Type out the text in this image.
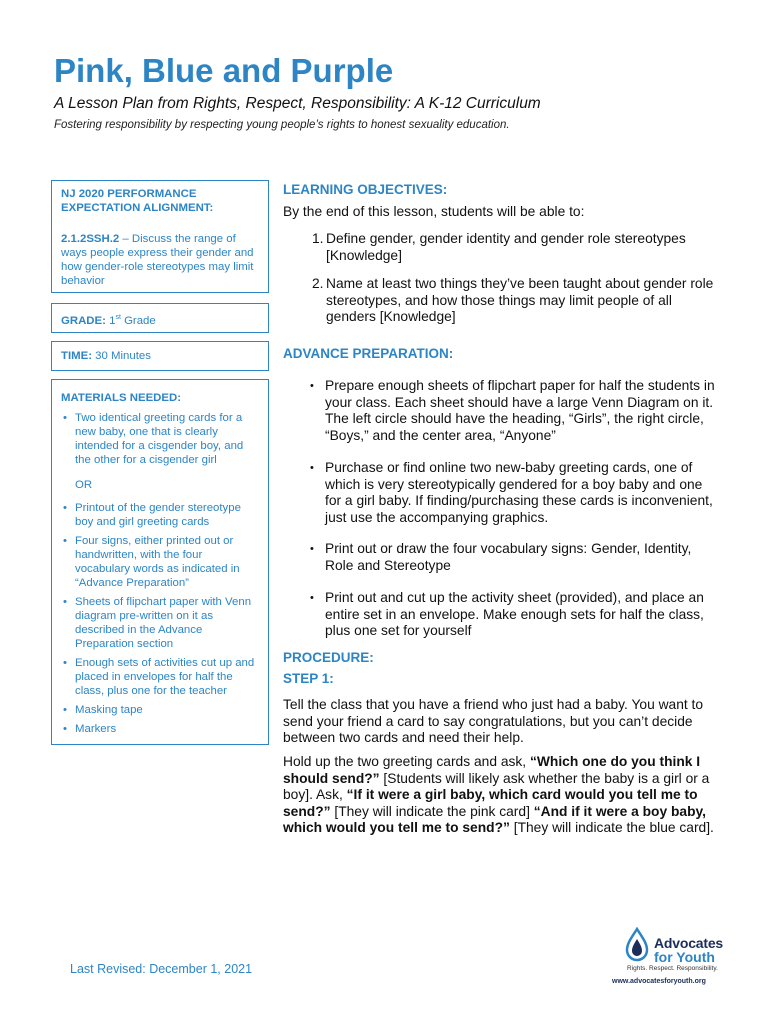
Pink, Blue and Purple
A Lesson Plan from Rights, Respect, Responsibility: A K-12 Curriculum
Fostering responsibility by respecting young people’s rights to honest sexuality education.
NJ 2020 PERFORMANCE EXPECTATION ALIGNMENT:
2.1.2SSH.2 – Discuss the range of ways people express their gender and how gender-role stereotypes may limit behavior
GRADE: 1st Grade
TIME: 30 Minutes
MATERIALS NEEDED:
• Two identical greeting cards for a new baby, one that is clearly intended for a cisgender boy, and the other for a cisgender girl
OR
• Printout of the gender stereotype boy and girl greeting cards
• Four signs, either printed out or handwritten, with the four vocabulary words as indicated in “Advance Preparation”
• Sheets of flipchart paper with Venn diagram pre-written on it as described in the Advance Preparation section
• Enough sets of activities cut up and placed in envelopes for half the class, plus one for the teacher
• Masking tape
• Markers
LEARNING OBJECTIVES:
By the end of this lesson, students will be able to:
1. Define gender, gender identity and gender role stereotypes [Knowledge]
2. Name at least two things they’ve been taught about gender role stereotypes, and how those things may limit people of all genders [Knowledge]
ADVANCE PREPARATION:
• Prepare enough sheets of flipchart paper for half the students in your class. Each sheet should have a large Venn Diagram on it. The left circle should have the heading, “Girls”, the right circle, “Boys,” and the center area, “Anyone”
• Purchase or find online two new-baby greeting cards, one of which is very stereotypically gendered for a boy baby and one for a girl baby. If finding/purchasing these cards is inconvenient, just use the accompanying graphics.
• Print out or draw the four vocabulary signs: Gender, Identity, Role and Stereotype
• Print out and cut up the activity sheet (provided), and place an entire set in an envelope. Make enough sets for half the class, plus one set for yourself
PROCEDURE:
STEP 1:
Tell the class that you have a friend who just had a baby. You want to send your friend a card to say congratulations, but you can’t decide between two cards and need their help.
Hold up the two greeting cards and ask, “Which one do you think I should send?” [Students will likely ask whether the baby is a girl or a boy]. Ask, “If it were a girl baby, which card would you tell me to send?” [They will indicate the pink card] “And if it were a boy baby, which would you tell me to send?” [They will indicate the blue card].
Last Revised: December 1, 2021
Advocates
for Youth
Rights. Respect. Responsibility.
www.advocatesforyouth.org
